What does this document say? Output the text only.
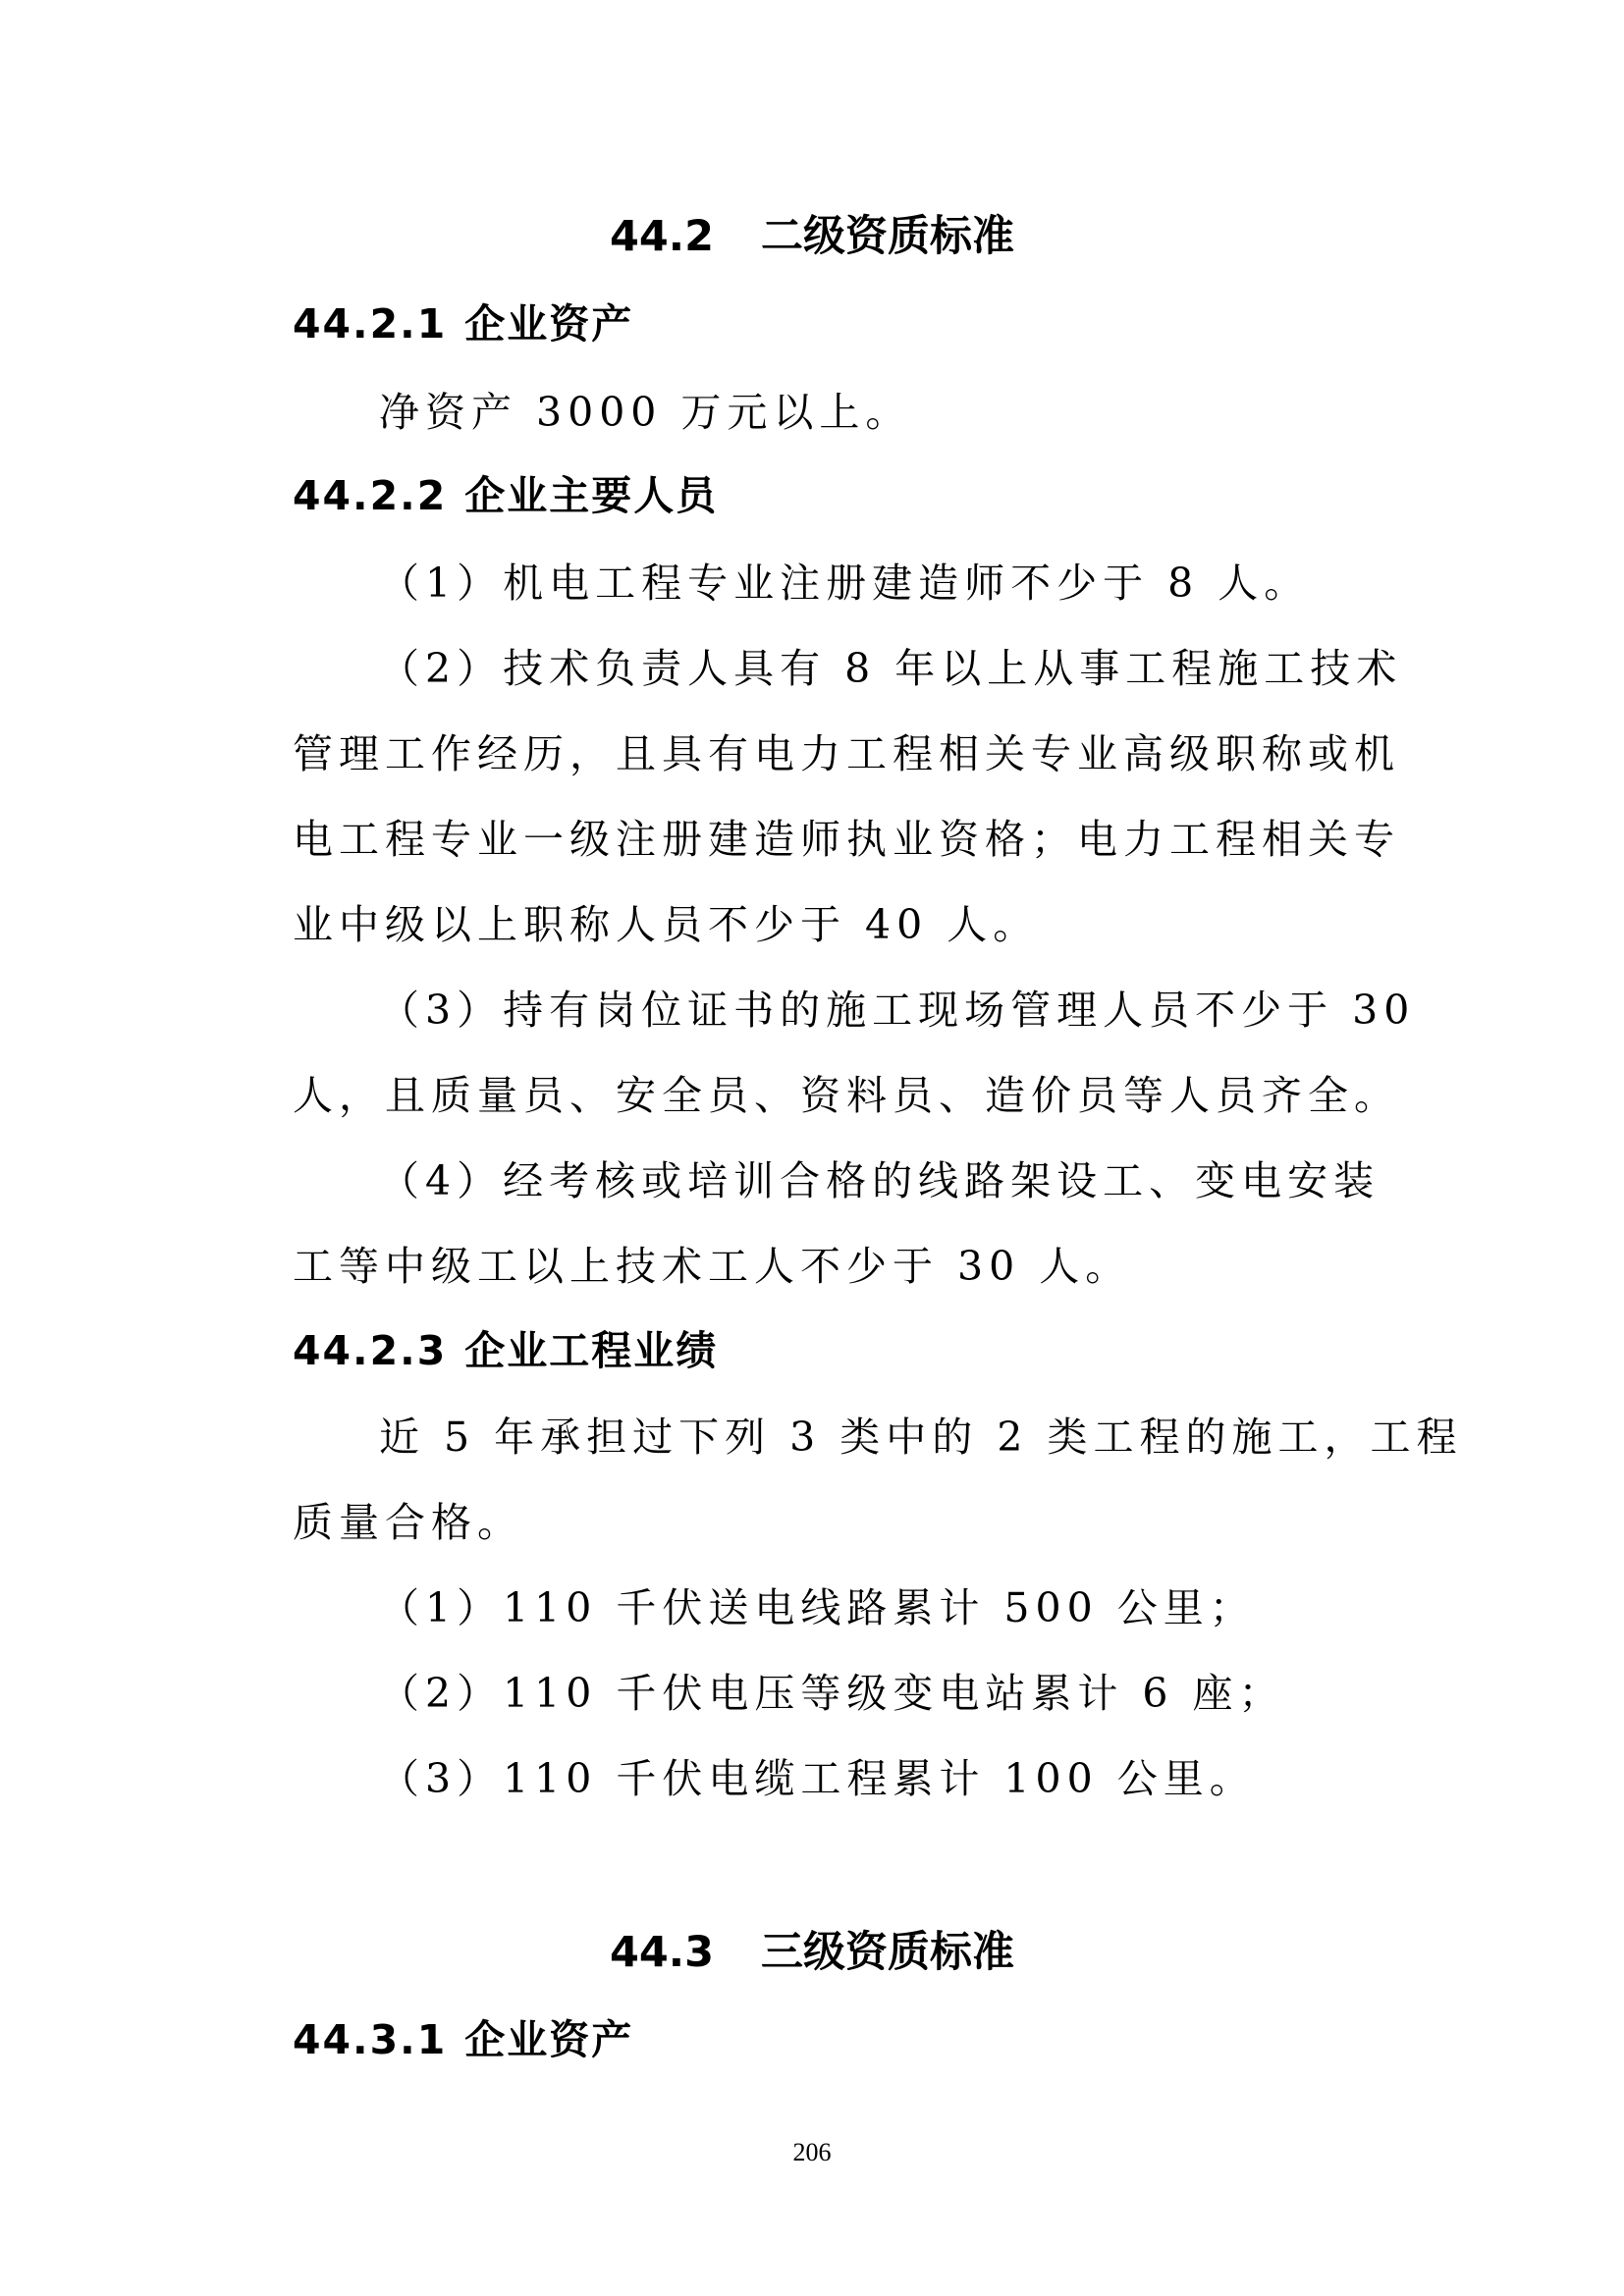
44.2 二级资质标准
44.2.1 企业资产
净资产 3000 万元以上。
44.2.2 企业主要人员
（1）机电工程专业注册建造师不少于 8 人。
（2）技术负责人具有 8 年以上从事工程施工技术
管理工作经历，且具有电力工程相关专业高级职称或机
电工程专业一级注册建造师执业资格；电力工程相关专
业中级以上职称人员不少于 40 人。
（3）持有岗位证书的施工现场管理人员不少于 30
人，且质量员、安全员、资料员、造价员等人员齐全。
（4）经考核或培训合格的线路架设工、变电安装
工等中级工以上技术工人不少于 30 人。
44.2.3 企业工程业绩
近 5 年承担过下列 3 类中的 2 类工程的施工，工程
质量合格。
（1）110 千伏送电线路累计 500 公里；
（2）110 千伏电压等级变电站累计 6 座；
（3）110 千伏电缆工程累计 100 公里。
44.3 三级资质标准
44.3.1 企业资产
206
